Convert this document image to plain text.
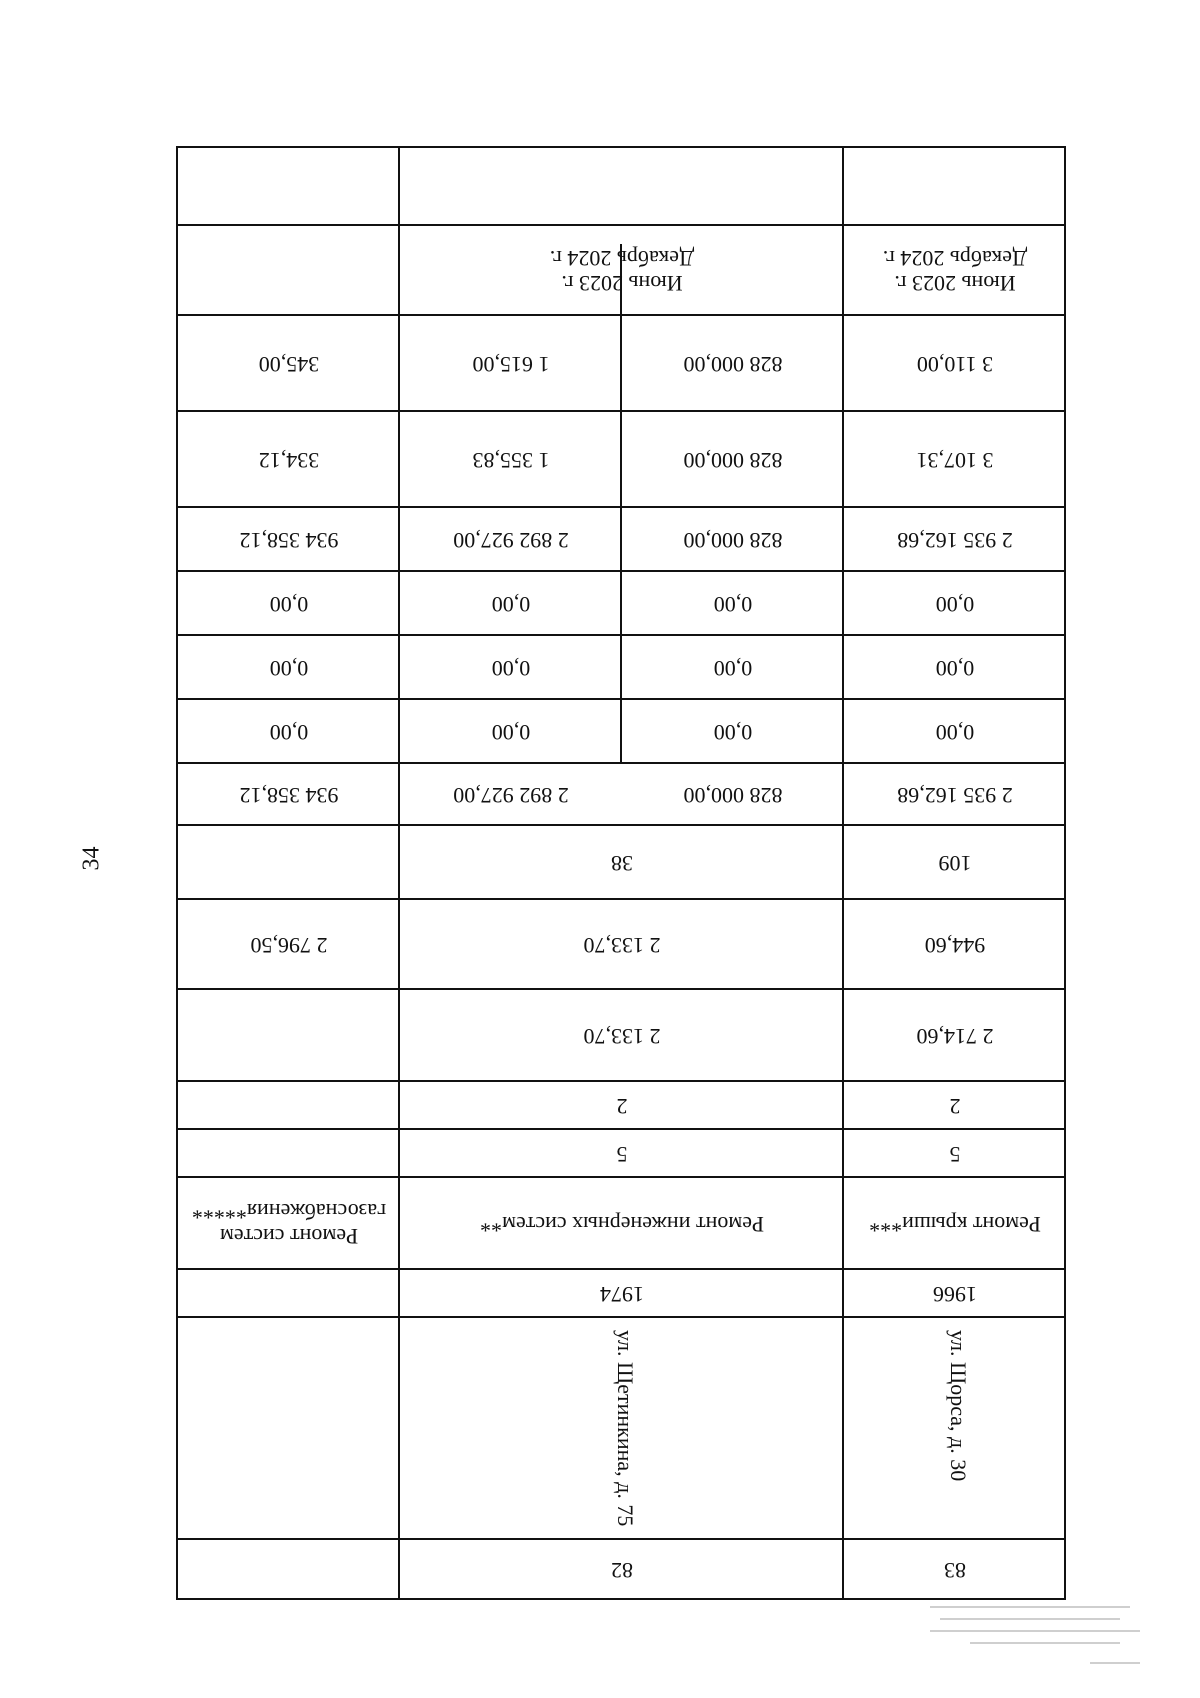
34
83
82
ул. Щорса, д. 30
ул. Щетинкина, д. 75
1966
1974
Ремонт крыши***
Ремонт инженерных систем**
Ремонт систем газоснабжения*****
5
5
2
2
2 714,60
2 133,70
944,60
2 133,70
2 796,50
109
38
2 935 162,68
828 000,00
2 892 927,00
934 358,12
0,00
0,00
0,00
0,00
0,00
0,00
0,00
0,00
0,00
0,00
0,00
0,00
2 935 162,68
828 000,00
2 892 927,00
934 358,12
3 107,31
828 000,00
1 355,83
334,12
3 110,00
828 000,00
1 615,00
345,00
Июнь 2023 г.
Декабрь 2024 г.
Июнь 2023 г.
Декабрь 2024 г.
